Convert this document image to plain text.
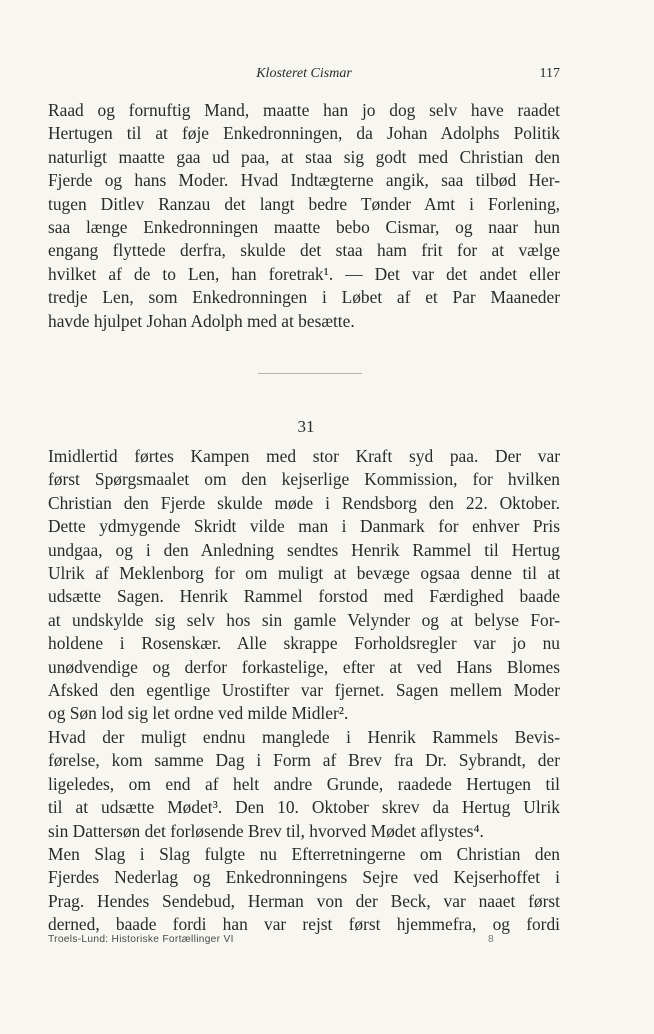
Klosteret Cismar	117
Raad og fornuftig Mand, maatte han jo dog selv have raadet
Hertugen til at føje Enkedronningen, da Johan Adolphs Politik
naturligt maatte gaa ud paa, at staa sig godt med Christian den
Fjerde og hans Moder. Hvad Indtægterne angik, saa tilbød Her-
tugen Ditlev Ranzau det langt bedre Tønder Amt i Forlening,
saa længe Enkedronningen maatte bebo Cismar, og naar hun
engang flyttede derfra, skulde det staa ham frit for at vælge
hvilket af de to Len, han foretrak¹. — Det var det andet eller
tredje Len, som Enkedronningen i Løbet af et Par Maaneder
havde hjulpet Johan Adolph med at besætte.
31
Imidlertid førtes Kampen med stor Kraft syd paa. Der var
først Spørgsmaalet om den kejserlige Kommission, for hvilken
Christian den Fjerde skulde møde i Rendsborg den 22. Oktober.
Dette ydmygende Skridt vilde man i Danmark for enhver Pris
undgaa, og i den Anledning sendtes Henrik Rammel til Hertug
Ulrik af Meklenborg for om muligt at bevæge ogsaa denne til at
udsætte Sagen. Henrik Rammel forstod med Færdighed baade
at undskylde sig selv hos sin gamle Velynder og at belyse For-
holdene i Rosenskær. Alle skrappe Forholdsregler var jo nu
unødvendige og derfor forkastelige, efter at ved Hans Blomes
Afsked den egentlige Urostifter var fjernet. Sagen mellem Moder
og Søn lod sig let ordne ved milde Midler².
Hvad der muligt endnu manglede i Henrik Rammels Bevis-
førelse, kom samme Dag i Form af Brev fra Dr. Sybrandt, der
ligeledes, om end af helt andre Grunde, raadede Hertugen til
til at udsætte Mødet³. Den 10. Oktober skrev da Hertug Ulrik
sin Dattersøn det forløsende Brev til, hvorved Mødet aflystes⁴.
Men Slag i Slag fulgte nu Efterretningerne om Christian den
Fjerdes Nederlag og Enkedronningens Sejre ved Kejserhoffet i
Prag. Hendes Sendebud, Herman von der Beck, var naaet først
derned, baade fordi han var rejst først hjemmefra, og fordi
Troels-Lund: Historiske Fortællinger VI	8
